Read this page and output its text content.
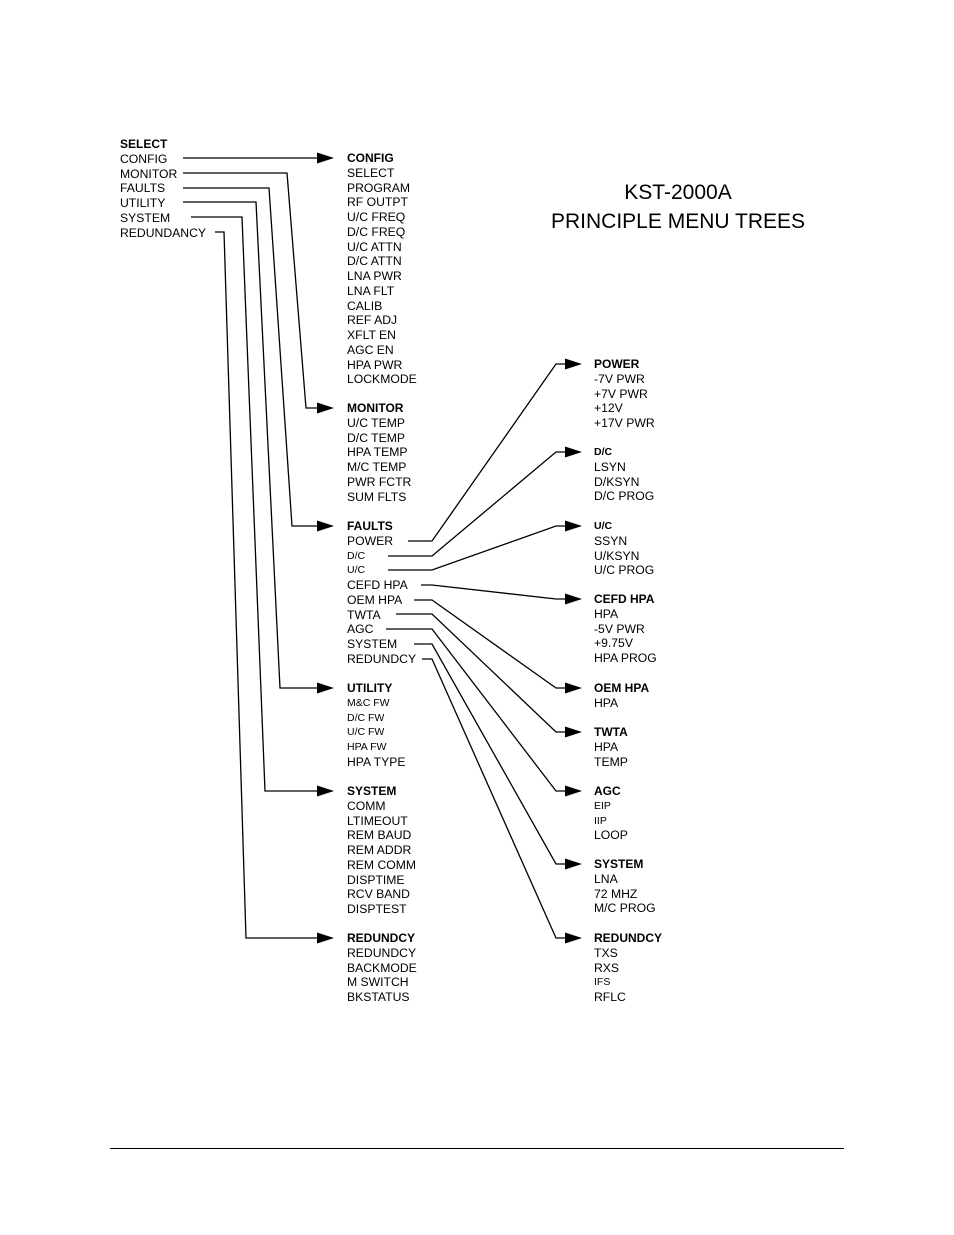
KST-2000A
PRINCIPLE MENU TREES
SELECT
CONFIG
MONITOR
FAULTS
UTILITY
SYSTEM
REDUNDANCY
CONFIG
SELECT
PROGRAM
RF OUTPT
U/C FREQ
D/C FREQ
U/C ATTN
D/C ATTN
LNA PWR
LNA FLT
CALIB
REF ADJ
XFLT EN
AGC EN
HPA PWR
LOCKMODE
MONITOR
U/C TEMP
D/C TEMP
HPA TEMP
M/C TEMP
PWR FCTR
SUM FLTS
FAULTS
POWER
D/C
U/C
CEFD HPA
OEM HPA
TWTA
AGC
SYSTEM
REDUNDCY
UTILITY
M&C FW
D/C FW
U/C FW
HPA FW
HPA TYPE
SYSTEM
COMM
LTIMEOUT
REM BAUD
REM ADDR
REM COMM
DISPTIME
RCV BAND
DISPTEST
REDUNDCY
REDUNDCY
BACKMODE
M SWITCH
BKSTATUS
POWER
-7V PWR
+7V PWR
+12V
+17V PWR
D/C
LSYN
D/KSYN
D/C PROG
U/C
SSYN
U/KSYN
U/C PROG
CEFD HPA
HPA
-5V PWR
+9.75V
HPA PROG
OEM HPA
HPA
TWTA
HPA
TEMP
AGC
EIP
IIP
LOOP
SYSTEM
LNA
72 MHZ
M/C PROG
REDUNDCY
TXS
RXS
IFS
RFLC
